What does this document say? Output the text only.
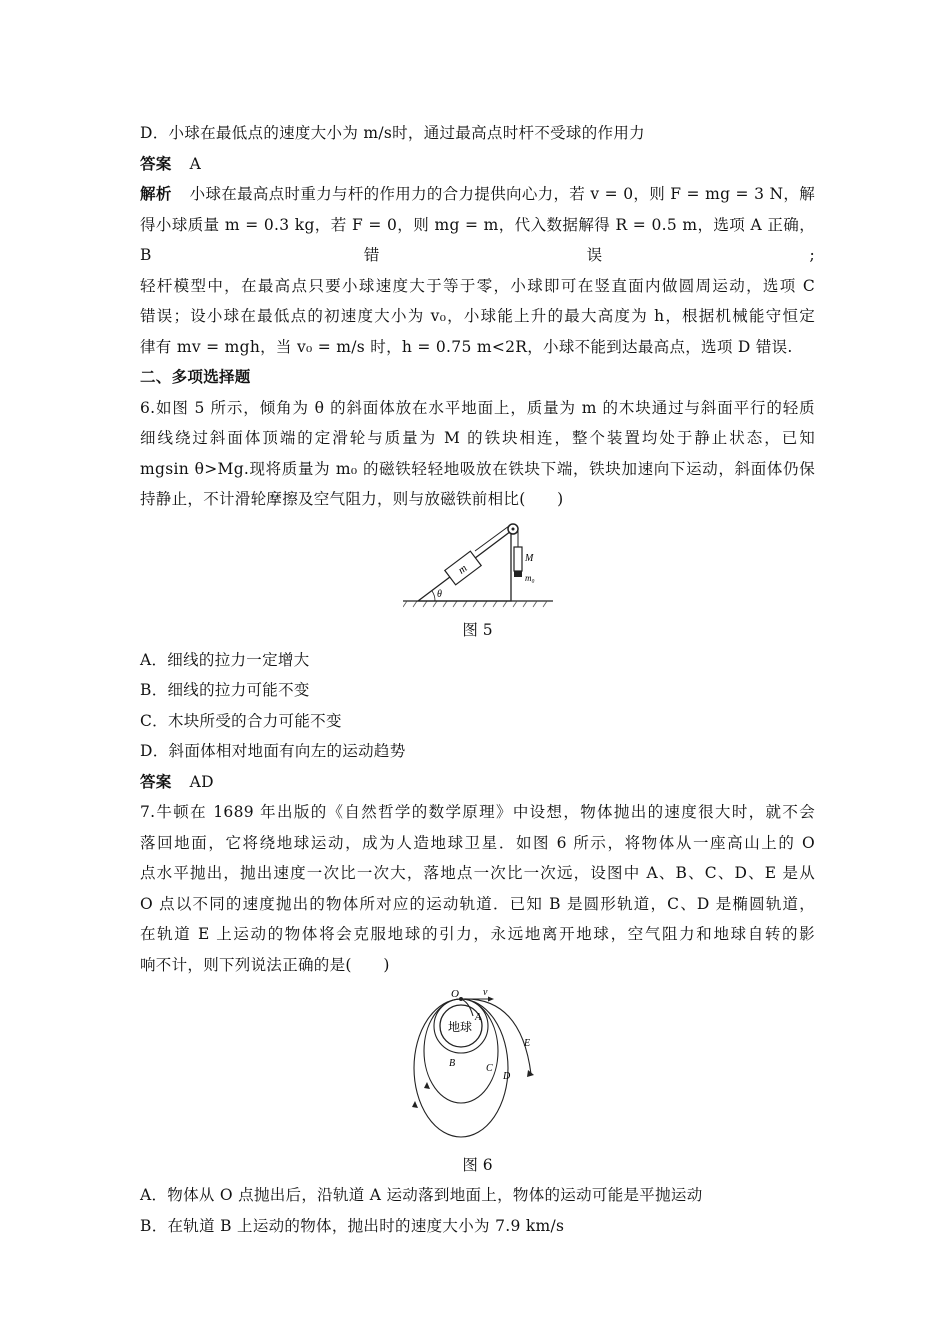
D．小球在最低点的速度大小为 m/s时，通过最高点时杆不受球的作用力
答案 A
解析 小球在最高点时重力与杆的作用力的合力提供向心力，若 v = 0，则 F = mg = 3 N，解
得小球质量 m = 0.3 kg，若 F = 0，则 mg = m，代入数据解得 R = 0.5 m，选项 A 正确，B 错误;
轻杆模型中，在最高点只要小球速度大于等于零，小球即可在竖直面内做圆周运动，选项 C
错误；设小球在最低点的初速度大小为 v₀，小球能上升的最大高度为 h，根据机械能守恒定
律有 mv = mgh，当 v₀ = m/s 时，h = 0.75 m<2R，小球不能到达最高点，选项 D 错误.
二、多项选择题
6.如图 5 所示，倾角为 θ 的斜面体放在水平地面上，质量为 m 的木块通过与斜面平行的轻质
细线绕过斜面体顶端的定滑轮与质量为 M 的铁块相连，整个装置均处于静止状态，已知
mgsin θ>Mg.现将质量为 m₀ 的磁铁轻轻地吸放在铁块下端，铁块加速向下运动，斜面体仍保
持静止，不计滑轮摩擦及空气阻力，则与放磁铁前相比(　　)
θ
m
M
m₀
图 5
A．细线的拉力一定增大
B．细线的拉力可能不变
C．木块所受的合力可能不变
D．斜面体相对地面有向左的运动趋势
答案 AD
7.牛顿在 1689 年出版的《自然哲学的数学原理》中设想，物体抛出的速度很大时，就不会
落回地面，它将绕地球运动，成为人造地球卫星．如图 6 所示，将物体从一座高山上的 O
点水平抛出，抛出速度一次比一次大，落地点一次比一次远，设图中 A、B、C、D、E 是从
O 点以不同的速度抛出的物体所对应的运动轨道．已知 B 是圆形轨道，C、D 是椭圆轨道，
在轨道 E 上运动的物体将会克服地球的引力，永远地离开地球，空气阻力和地球自转的影
响不计，则下列说法正确的是(　　)
地球
O v
A
B	C
D
E
图 6
A．物体从 O 点抛出后，沿轨道 A 运动落到地面上，物体的运动可能是平抛运动
B．在轨道 B 上运动的物体，抛出时的速度大小为 7.9 km/s
